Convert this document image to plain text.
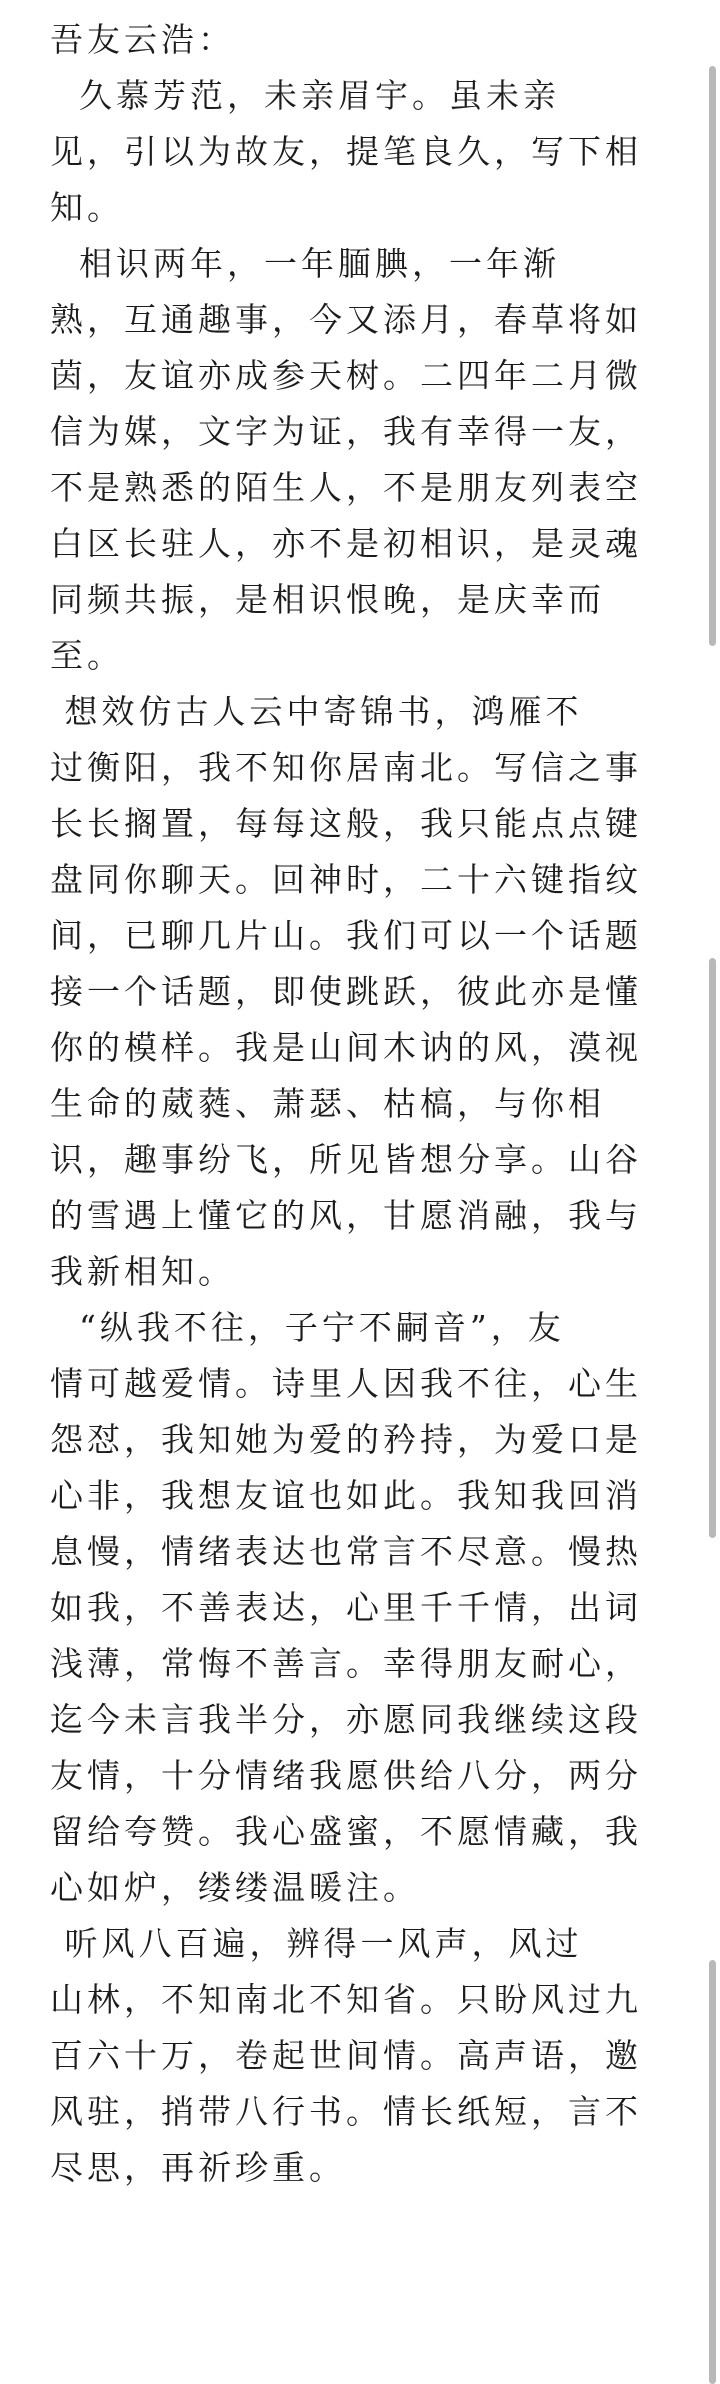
吾友云浩：

久慕芳范，未亲眉宇。虽未亲
见，引以为故友，提笔良久，写下相
知。
相识两年，一年腼腆，一年渐
熟，互通趣事，今又添月，春草将如
茵，友谊亦成参天树。二四年二月微
信为媒，文字为证，我有幸得一友，
不是熟悉的陌生人，不是朋友列表空
白区长驻人，亦不是初相识，是灵魂
同频共振，是相识恨晚，是庆幸而
至。
想效仿古人云中寄锦书，鸿雁不
过衡阳，我不知你居南北。写信之事
长长搁置，每每这般，我只能点点键
盘同你聊天。回神时，二十六键指纹
间，已聊几片山。我们可以一个话题
接一个话题，即使跳跃，彼此亦是懂
你的模样。我是山间木讷的风，漠视
生命的葳蕤、萧瑟、枯槁，与你相
识，趣事纷飞，所见皆想分享。山谷
的雪遇上懂它的风，甘愿消融，我与
我新相知。
“纵我不往，子宁不嗣音”，友
情可越爱情。诗里人因我不往，心生
怨怼，我知她为爱的矜持，为爱口是
心非，我想友谊也如此。我知我回消
息慢，情绪表达也常言不尽意。慢热
如我，不善表达，心里千千情，出词
浅薄，常悔不善言。幸得朋友耐心，
迄今未言我半分，亦愿同我继续这段
友情，十分情绪我愿供给八分，两分
留给夸赞。我心盛蜜，不愿情藏，我
心如炉，缕缕温暖注。
听风八百遍，辨得一风声，风过
山林，不知南北不知省。只盼风过九
百六十万，卷起世间情。高声语，邀
风驻，捎带八行书。情长纸短，言不
尽思，再祈珍重。
